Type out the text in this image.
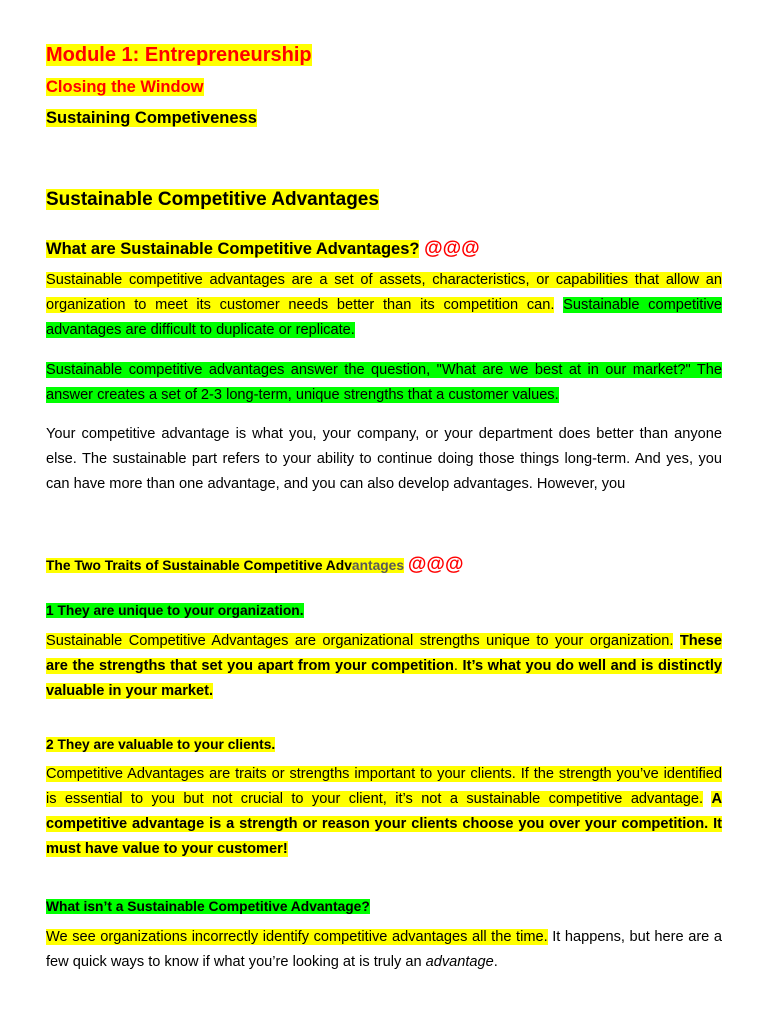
Module 1: Entrepreneurship
Closing the Window
Sustaining Competiveness
Sustainable Competitive Advantages
What are Sustainable Competitive Advantages? @@@

Sustainable competitive advantages are a set of assets, characteristics, or capabilities that allow an organization to meet its customer needs better than its competition can. Sustainable competitive advantages are difficult to duplicate or replicate.

Sustainable competitive advantages answer the question, "What are we best at in our market?" The answer creates a set of 2-3 long-term, unique strengths that a customer values.

Your competitive advantage is what you, your company, or your department does better than anyone else. The sustainable part refers to your ability to continue doing those things long-term. And yes, you can have more than one advantage, and you can also develop advantages. However, you

The Two Traits of Sustainable Competitive Advantages @@@
1 They are unique to your organization.

Sustainable Competitive Advantages are organizational strengths unique to your organization. These are the strengths that set you apart from your competition. It’s what you do well and is distinctly valuable in your market.

2 They are valuable to your clients.

Competitive Advantages are traits or strengths important to your clients. If the strength you’ve identified is essential to you but not crucial to your client, it’s not a sustainable competitive advantage. A competitive advantage is a strength or reason your clients choose you over your competition. It must have value to your customer!

What isn’t a Sustainable Competitive Advantage?

We see organizations incorrectly identify competitive advantages all the time. It happens, but here are a few quick ways to know if what you’re looking at is truly an advantage.
